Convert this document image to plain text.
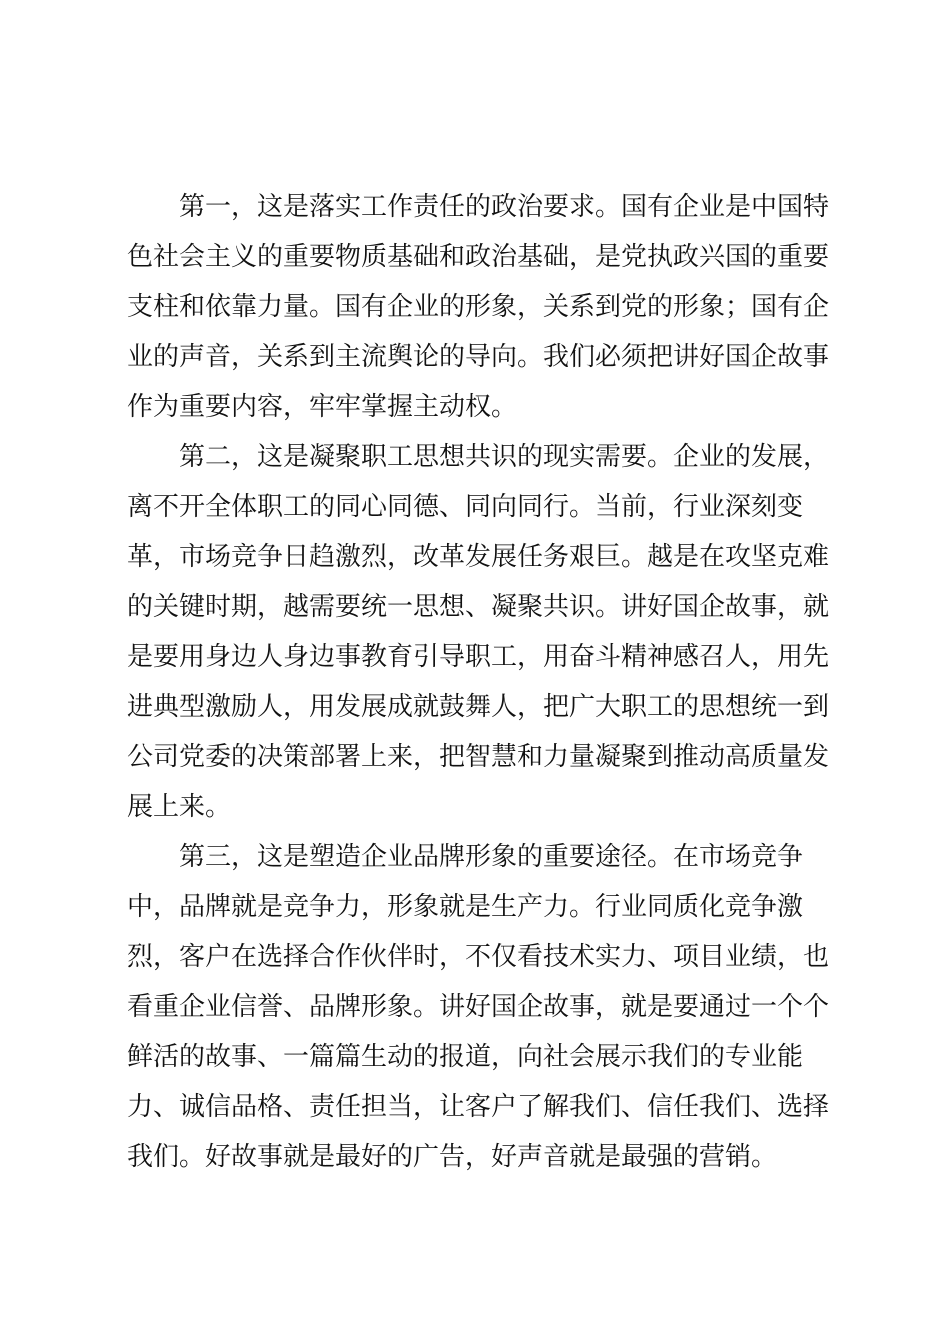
第一，这是落实工作责任的政治要求。国有企业是中国特
色社会主义的重要物质基础和政治基础，是党执政兴国的重要
支柱和依靠力量。国有企业的形象，关系到党的形象；国有企
业的声音，关系到主流舆论的导向。我们必须把讲好国企故事
作为重要内容，牢牢掌握主动权。

第二，这是凝聚职工思想共识的现实需要。企业的发展，
离不开全体职工的同心同德、同向同行。当前，行业深刻变
革，市场竞争日趋激烈，改革发展任务艰巨。越是在攻坚克难
的关键时期，越需要统一思想、凝聚共识。讲好国企故事，就
是要用身边人身边事教育引导职工，用奋斗精神感召人，用先
进典型激励人，用发展成就鼓舞人，把广大职工的思想统一到
公司党委的决策部署上来，把智慧和力量凝聚到推动高质量发
展上来。

第三，这是塑造企业品牌形象的重要途径。在市场竞争
中，品牌就是竞争力，形象就是生产力。行业同质化竞争激
烈，客户在选择合作伙伴时，不仅看技术实力、项目业绩，也
看重企业信誉、品牌形象。讲好国企故事，就是要通过一个个
鲜活的故事、一篇篇生动的报道，向社会展示我们的专业能
力、诚信品格、责任担当，让客户了解我们、信任我们、选择
我们。好故事就是最好的广告，好声音就是最强的营销。
